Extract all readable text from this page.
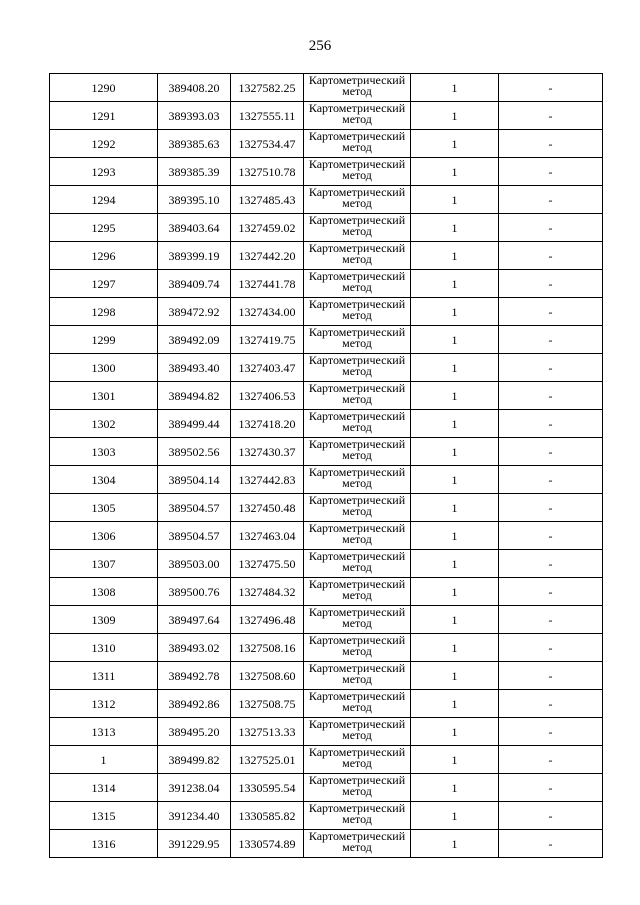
256
1290	389408.20	1327582.25	Картометрический метод	1	-
1291	389393.03	1327555.11	Картометрический метод	1	-
1292	389385.63	1327534.47	Картометрический метод	1	-
1293	389385.39	1327510.78	Картометрический метод	1	-
1294	389395.10	1327485.43	Картометрический метод	1	-
1295	389403.64	1327459.02	Картометрический метод	1	-
1296	389399.19	1327442.20	Картометрический метод	1	-
1297	389409.74	1327441.78	Картометрический метод	1	-
1298	389472.92	1327434.00	Картометрический метод	1	-
1299	389492.09	1327419.75	Картометрический метод	1	-
1300	389493.40	1327403.47	Картометрический метод	1	-
1301	389494.82	1327406.53	Картометрический метод	1	-
1302	389499.44	1327418.20	Картометрический метод	1	-
1303	389502.56	1327430.37	Картометрический метод	1	-
1304	389504.14	1327442.83	Картометрический метод	1	-
1305	389504.57	1327450.48	Картометрический метод	1	-
1306	389504.57	1327463.04	Картометрический метод	1	-
1307	389503.00	1327475.50	Картометрический метод	1	-
1308	389500.76	1327484.32	Картометрический метод	1	-
1309	389497.64	1327496.48	Картометрический метод	1	-
1310	389493.02	1327508.16	Картометрический метод	1	-
1311	389492.78	1327508.60	Картометрический метод	1	-
1312	389492.86	1327508.75	Картометрический метод	1	-
1313	389495.20	1327513.33	Картометрический метод	1	-
1	389499.82	1327525.01	Картометрический метод	1	-
1314	391238.04	1330595.54	Картометрический метод	1	-
1315	391234.40	1330585.82	Картометрический метод	1	-
1316	391229.95	1330574.89	Картометрический метод	1	-
